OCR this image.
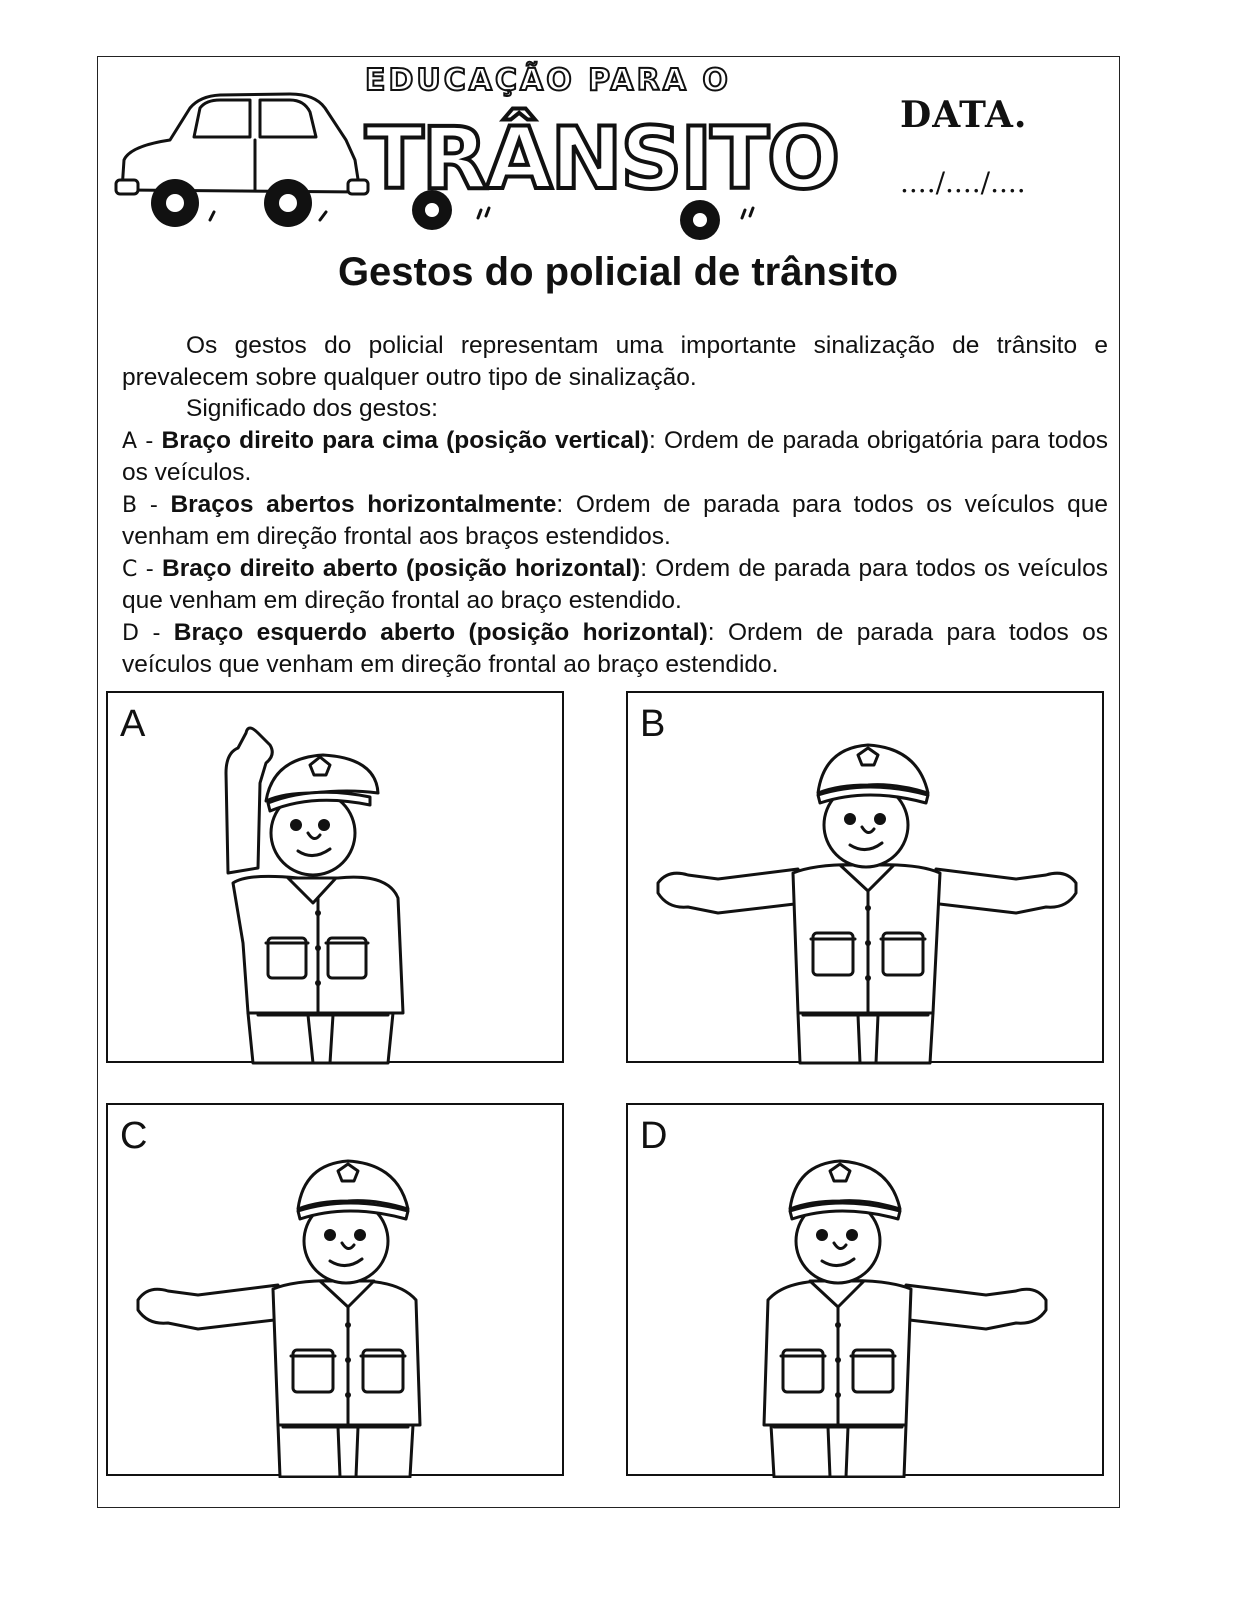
EDUCAÇÃO PARA O
TRÂNSITO DATA.
..../..../....
Gestos do policial de trânsito

Os gestos do policial representam uma importante sinalização de trânsito e prevalecem sobre qualquer outro tipo de sinalização.

Significado dos gestos:

A - Braço direito para cima (posição vertical): Ordem de parada obrigatória para todos os veículos.

B - Braços abertos horizontalmente: Ordem de parada para todos os veículos que venham em direção frontal aos braços estendidos.

C - Braço direito aberto (posição horizontal): Ordem de parada para todos os veículos que venham em direção frontal ao braço estendido.

D - Braço esquerdo aberto (posição horizontal): Ordem de parada para todos os veículos que venham em direção frontal ao braço estendido.

A	B
C	D
